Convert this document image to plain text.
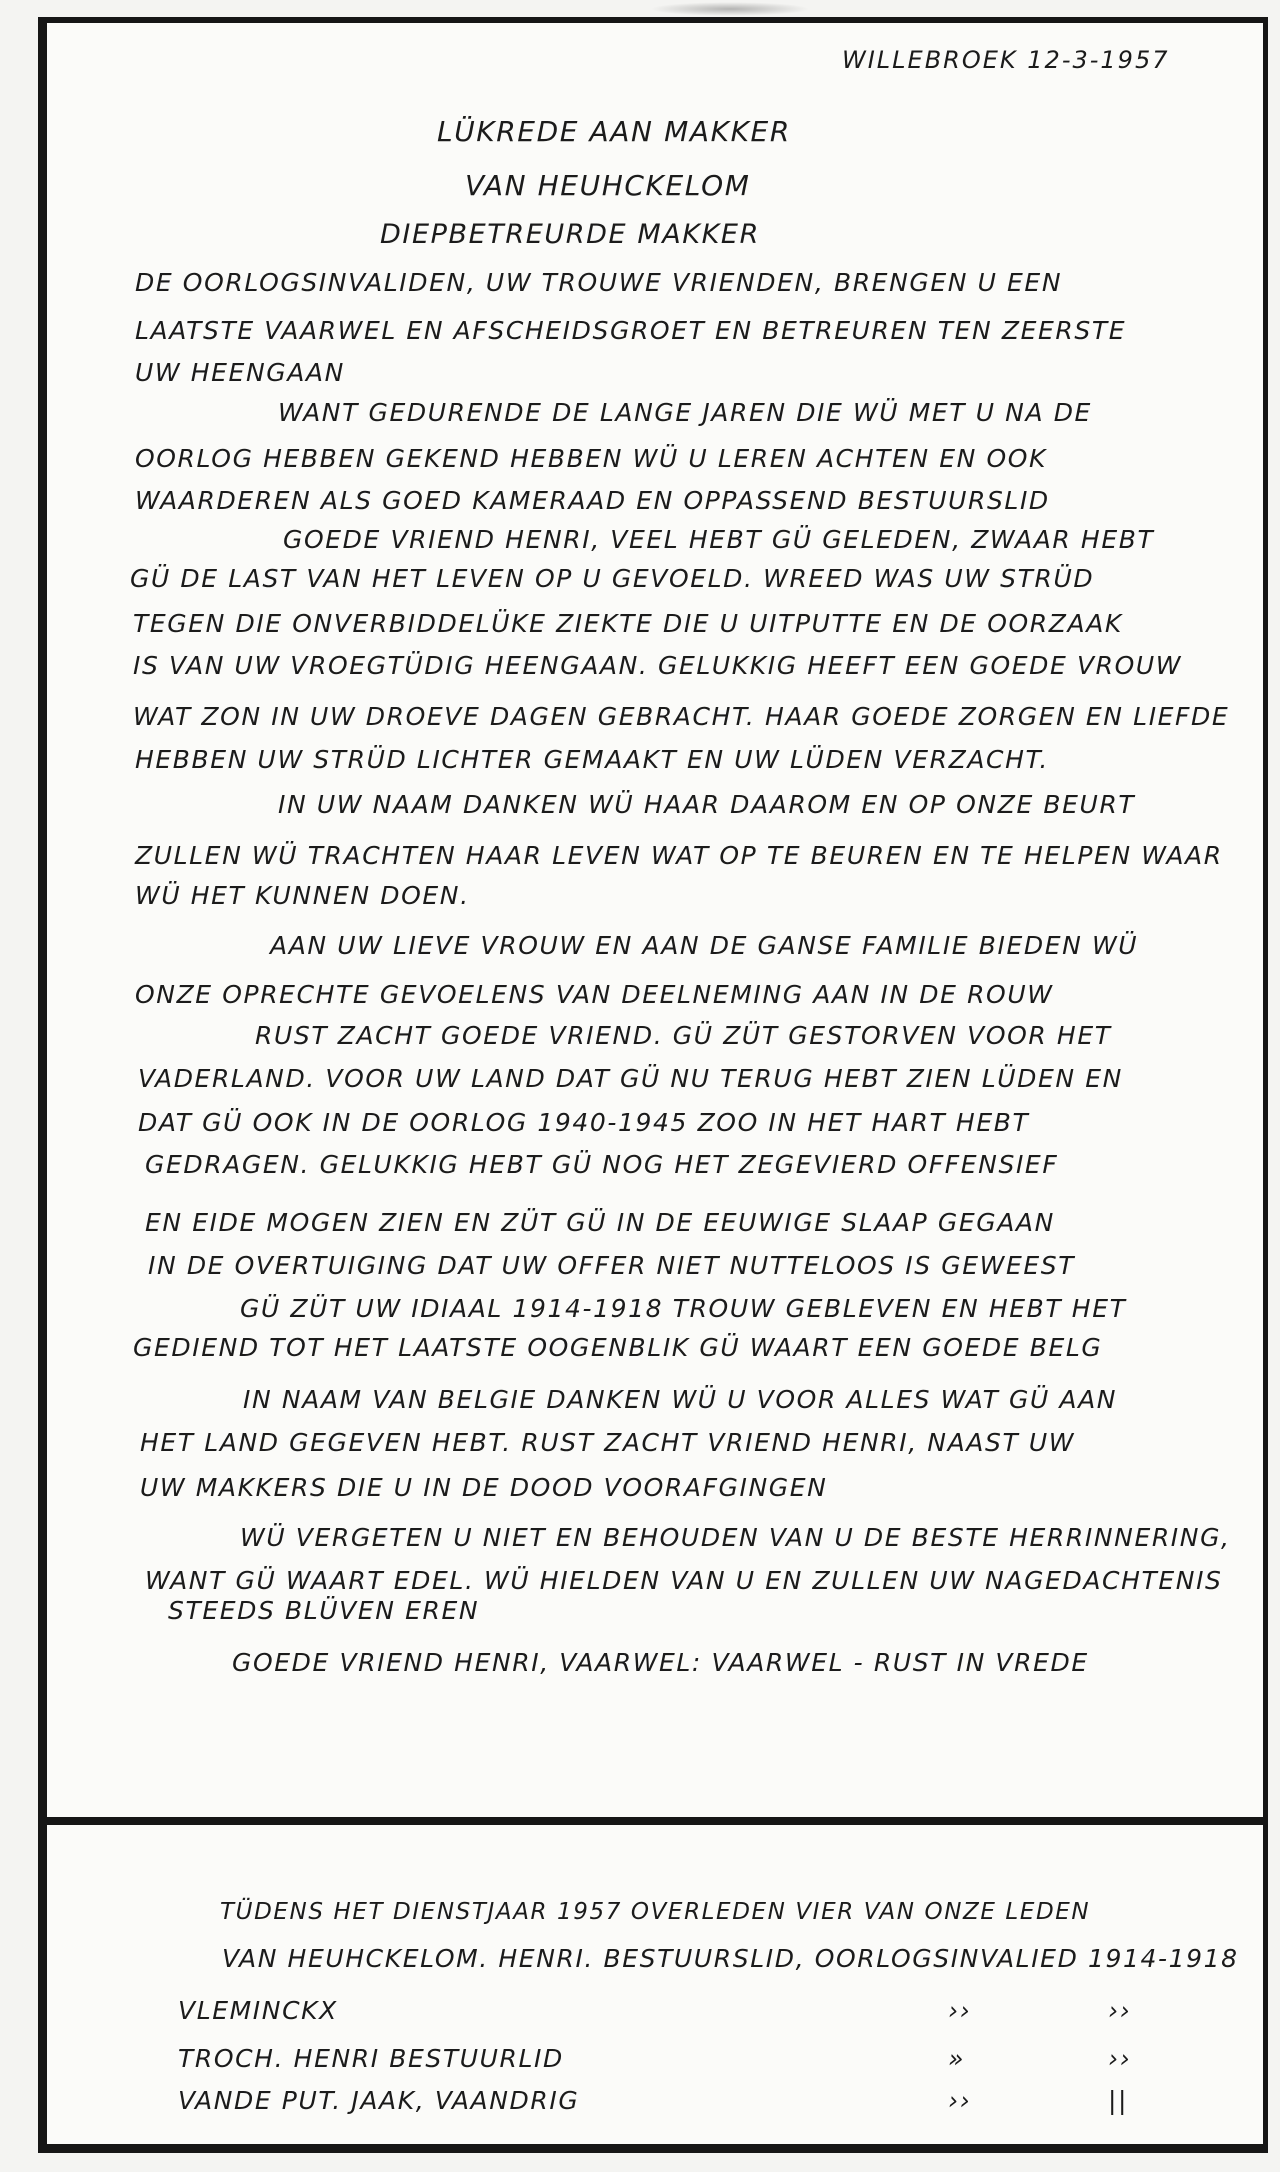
WILLEBROEK 12-3-1957
LÜKREDE AAN MAKKER
VAN HEUHCKELOM
DIEPBETREURDE MAKKER
DE OORLOGSINVALIDEN, UW TROUWE VRIENDEN, BRENGEN U EEN
LAATSTE VAARWEL EN AFSCHEIDSGROET EN BETREUREN TEN ZEERSTE
UW HEENGAAN
WANT GEDURENDE DE LANGE JAREN DIE WÜ MET U NA DE
OORLOG HEBBEN GEKEND HEBBEN WÜ U LEREN ACHTEN EN OOK
WAARDEREN ALS GOED KAMERAAD EN OPPASSEND BESTUURSLID
GOEDE VRIEND HENRI, VEEL HEBT GÜ GELEDEN, ZWAAR HEBT
GÜ DE LAST VAN HET LEVEN OP U GEVOELD. WREED WAS UW STRÜD
TEGEN DIE ONVERBIDDELÜKE ZIEKTE DIE U UITPUTTE EN DE OORZAAK
IS VAN UW VROEGTÜDIG HEENGAAN. GELUKKIG HEEFT EEN GOEDE VROUW
WAT ZON IN UW DROEVE DAGEN GEBRACHT. HAAR GOEDE ZORGEN EN LIEFDE
HEBBEN UW STRÜD LICHTER GEMAAKT EN UW LÜDEN VERZACHT.
IN UW NAAM DANKEN WÜ HAAR DAAROM EN OP ONZE BEURT
ZULLEN WÜ TRACHTEN HAAR LEVEN WAT OP TE BEUREN EN TE HELPEN WAAR
WÜ HET KUNNEN DOEN.
AAN UW LIEVE VROUW EN AAN DE GANSE FAMILIE BIEDEN WÜ
ONZE OPRECHTE GEVOELENS VAN DEELNEMING AAN IN DE ROUW
RUST ZACHT GOEDE VRIEND. GÜ ZÜT GESTORVEN VOOR HET
VADERLAND. VOOR UW LAND DAT GÜ NU TERUG HEBT ZIEN LÜDEN EN
DAT GÜ OOK IN DE OORLOG 1940-1945 ZOO IN HET HART HEBT
GEDRAGEN. GELUKKIG HEBT GÜ NOG HET ZEGEVIERD OFFENSIEF
EN EIDE MOGEN ZIEN EN ZÜT GÜ IN DE EEUWIGE SLAAP GEGAAN
IN DE OVERTUIGING DAT UW OFFER NIET NUTTELOOS IS GEWEEST
GÜ ZÜT UW IDIAAL 1914-1918 TROUW GEBLEVEN EN HEBT HET
GEDIEND TOT HET LAATSTE OOGENBLIK GÜ WAART EEN GOEDE BELG
IN NAAM VAN BELGIE DANKEN WÜ U VOOR ALLES WAT GÜ AAN
HET LAND GEGEVEN HEBT. RUST ZACHT VRIEND HENRI, NAAST UW
UW MAKKERS DIE U IN DE DOOD VOORAFGINGEN
WÜ VERGETEN U NIET EN BEHOUDEN VAN U DE BESTE HERRINNERING,
WANT GÜ WAART EDEL. WÜ HIELDEN VAN U EN ZULLEN UW NAGEDACHTENIS
STEEDS BLÜVEN EREN
GOEDE VRIEND HENRI, VAARWEL: VAARWEL - RUST IN VREDE
TÜDENS HET DIENSTJAAR 1957 OVERLEDEN VIER VAN ONZE LEDEN
VAN HEUHCKELOM. HENRI. BESTUURSLID, OORLOGSINVALIED 1914-1918
VLEMINCKX	››	››
TROCH. HENRI BESTUURLID	»	››
VANDE PUT. JAAK, VAANDRIG	››	||
